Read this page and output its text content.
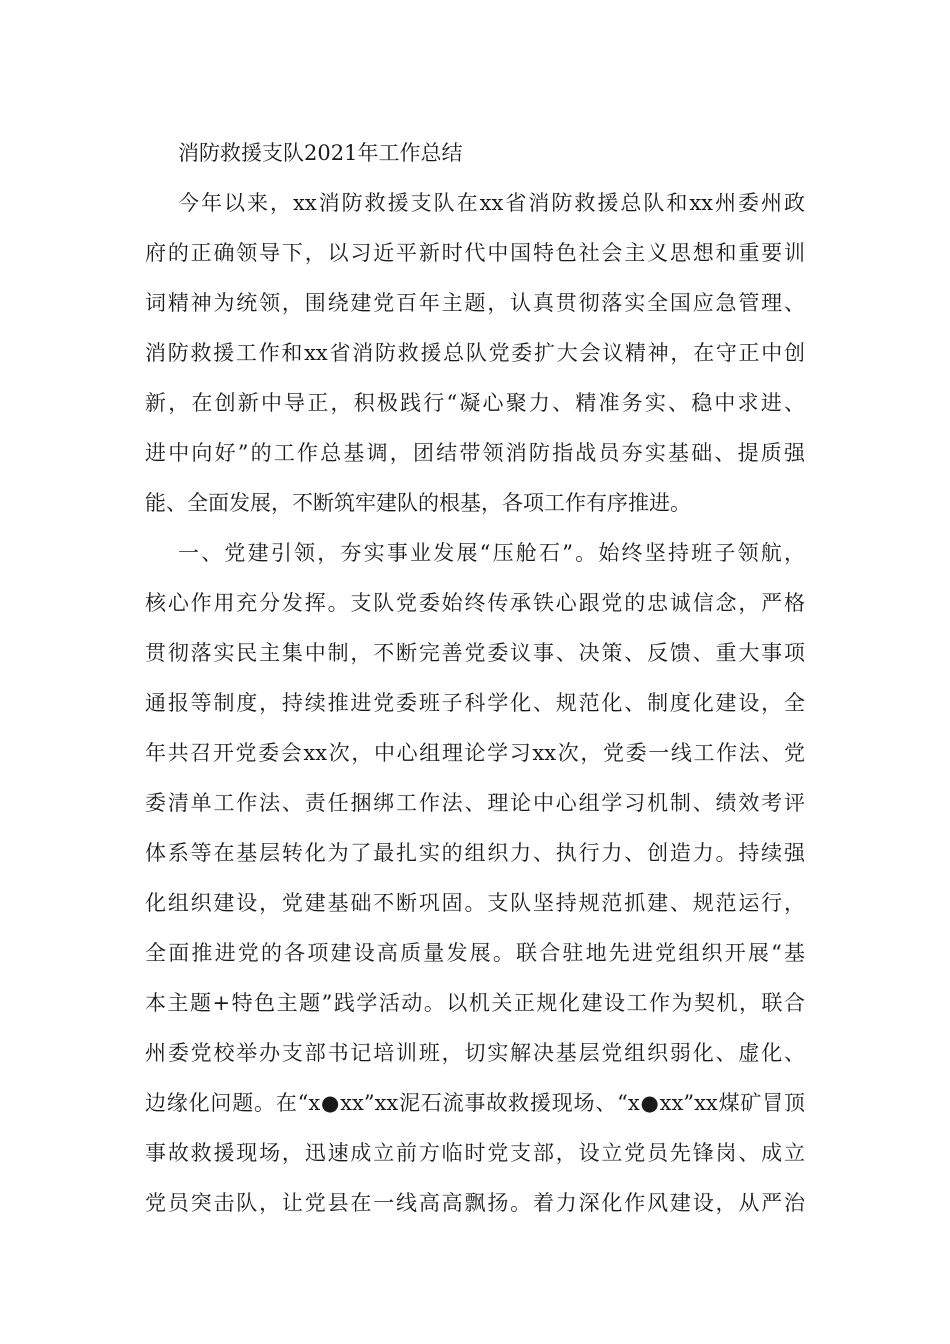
消防救援支队2021年工作总结
今年以来，xx消防救援支队在xx省消防救援总队和xx州委州政
府的正确领导下，以习近平新时代中国特色社会主义思想和重要训
词精神为统领，围绕建党百年主题，认真贯彻落实全国应急管理、
消防救援工作和xx省消防救援总队党委扩大会议精神，在守正中创
新，在创新中导正，积极践行“凝心聚力、精准务实、稳中求进、
进中向好”的工作总基调，团结带领消防指战员夯实基础、提质强
能、全面发展，不断筑牢建队的根基，各项工作有序推进。
一、党建引领，夯实事业发展“压舱石”。始终坚持班子领航，
核心作用充分发挥。支队党委始终传承铁心跟党的忠诚信念，严格
贯彻落实民主集中制，不断完善党委议事、决策、反馈、重大事项
通报等制度，持续推进党委班子科学化、规范化、制度化建设，全
年共召开党委会xx次，中心组理论学习xx次，党委一线工作法、党
委清单工作法、责任捆绑工作法、理论中心组学习机制、绩效考评
体系等在基层转化为了最扎实的组织力、执行力、创造力。持续强
化组织建设，党建基础不断巩固。支队坚持规范抓建、规范运行，
全面推进党的各项建设高质量发展。联合驻地先进党组织开展“基
本主题+特色主题”践学活动。以机关正规化建设工作为契机，联合
州委党校举办支部书记培训班，切实解决基层党组织弱化、虚化、
边缘化问题。在“x●xx”xx泥石流事故救援现场、“x●xx”xx煤矿冒顶
事故救援现场，迅速成立前方临时党支部，设立党员先锋岗、成立
党员突击队，让党县在一线高高飘扬。着力深化作风建设，从严治
